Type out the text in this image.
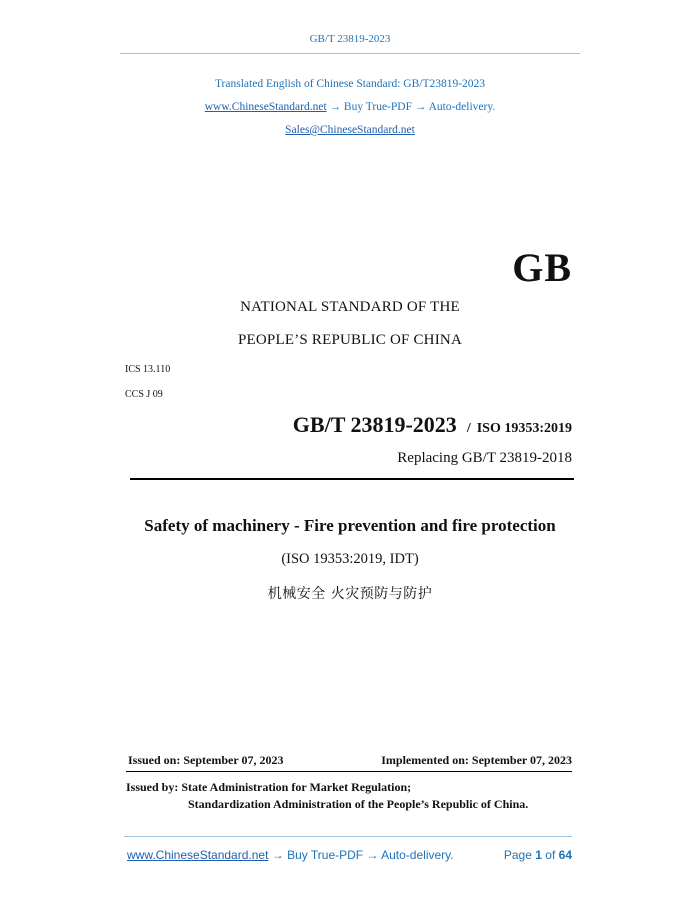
GB/T 23819-2023
Translated English of Chinese Standard: GB/T23819-2023
www.ChineseStandard.net → Buy True-PDF → Auto-delivery.
Sales@ChineseStandard.net
GB
NATIONAL STANDARD OF THE
PEOPLE’S REPUBLIC OF CHINA
ICS 13.110
CCS J 09
GB/T 23819-2023 / ISO 19353:2019
Replacing GB/T 23819-2018
Safety of machinery - Fire prevention and fire protection
(ISO 19353:2019, IDT)
机械安全 火灾预防与防护
Issued on: September 07, 2023	Implemented on: September 07, 2023
Issued by: State Administration for Market Regulation;
Standardization Administration of the People’s Republic of China.
www.ChineseStandard.net → Buy True-PDF → Auto-delivery.	Page 1 of 64
